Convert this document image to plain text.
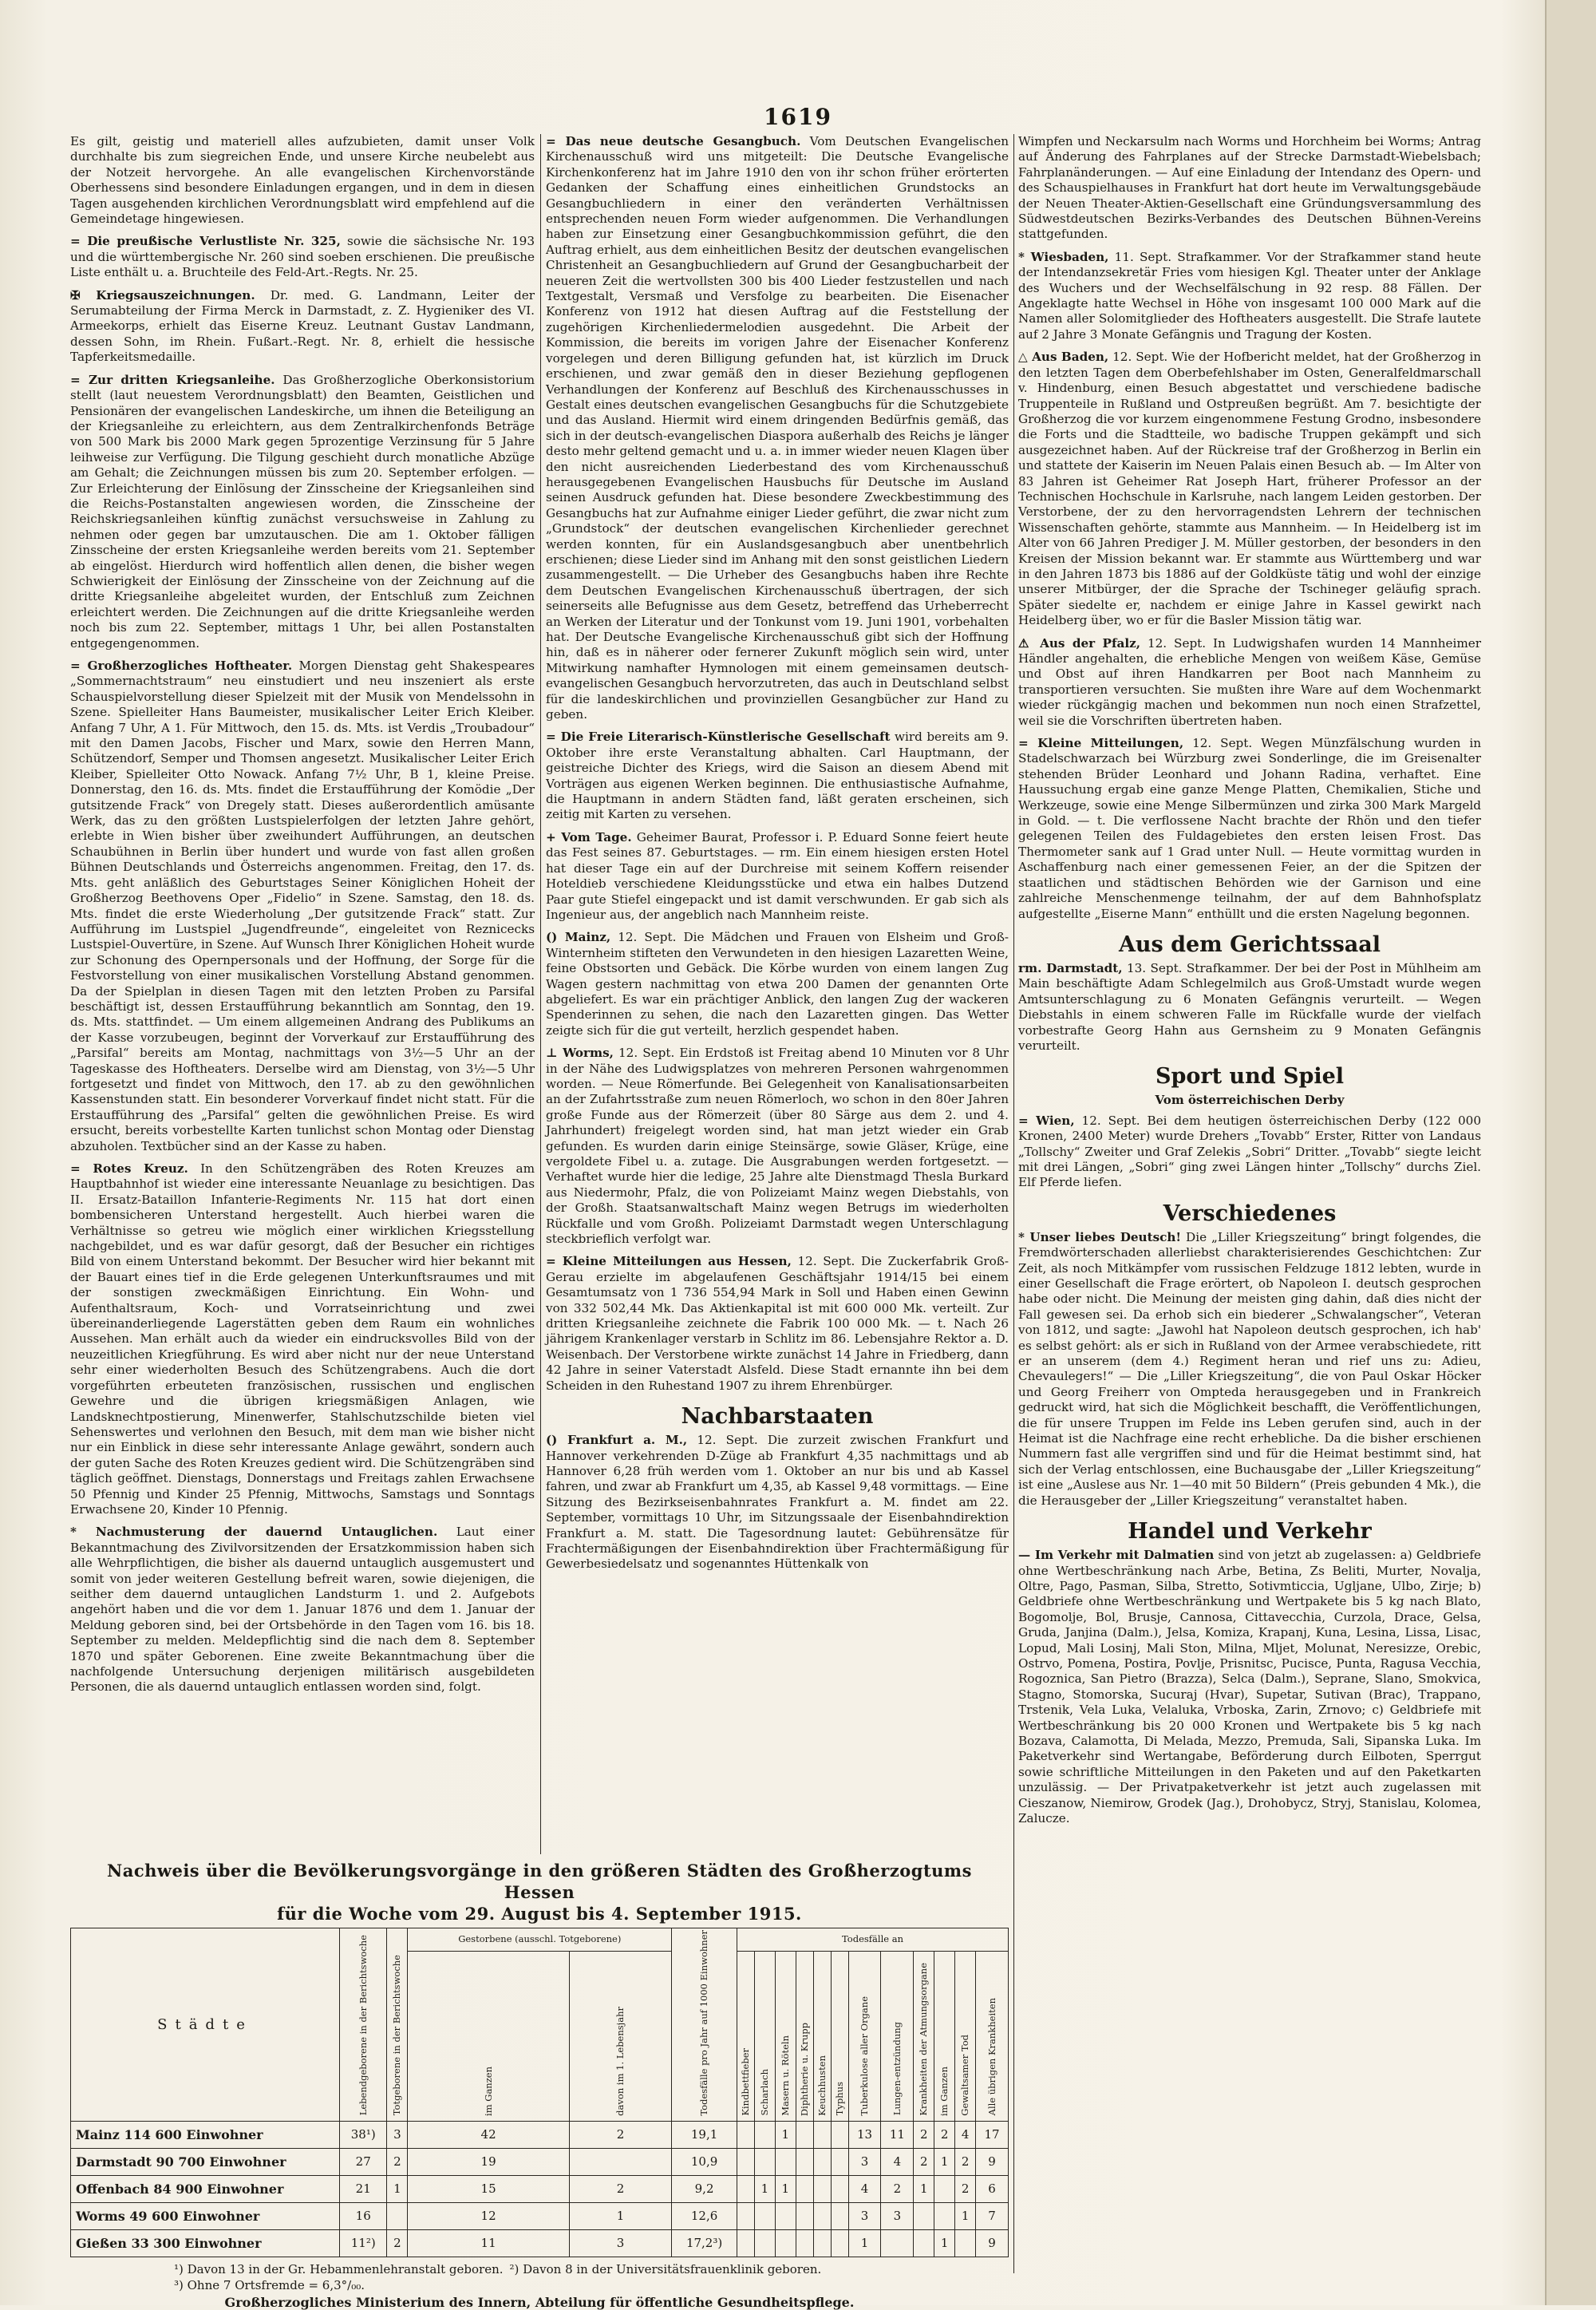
1619

Es gilt, geistig und materiell alles aufzubieten, damit unser Volk durchhalte bis zum siegreichen Ende, und unsere Kirche neubelebt aus der Notzeit hervorgehe. An alle evangelischen Kirchenvorstände Oberhessens sind besondere Einladungen ergangen, und in dem in diesen Tagen ausgehenden kirchlichen Verordnungsblatt wird empfehlend auf die Gemeindetage hingewiesen.

= Die preußische Verlustliste Nr. 325, sowie die sächsische Nr. 193 und die württembergische Nr. 260 sind soeben erschienen. Die preußische Liste enthält u. a. Bruchteile des Feld-Art.-Regts. Nr. 25.

✠ Kriegsauszeichnungen. Dr. med. G. Landmann, Leiter der Serumabteilung der Firma Merck in Darmstadt, z. Z. Hygieniker des VI. Armeekorps, erhielt das Eiserne Kreuz. Leutnant Gustav Landmann, dessen Sohn, im Rhein. Fußart.-Regt. Nr. 8, erhielt die hessische Tapferkeitsmedaille.

= Zur dritten Kriegsanleihe. Das Großherzogliche Oberkonsistorium stellt (laut neuestem Verordnungsblatt) den Beamten, Geistlichen und Pensionären der evangelischen Landeskirche, um ihnen die Beteiligung an der Kriegsanleihe zu erleichtern, aus dem Zentralkirchenfonds Beträge von 500 Mark bis 2000 Mark gegen 5prozentige Verzinsung für 5 Jahre leihweise zur Verfügung. Die Tilgung geschieht durch monatliche Abzüge am Gehalt; die Zeichnungen müssen bis zum 20. September erfolgen. — Zur Erleichterung der Einlösung der Zinsscheine der Kriegsanleihen sind die Reichs-Postanstalten angewiesen worden, die Zinsscheine der Reichskriegsanleihen künftig zunächst versuchsweise in Zahlung zu nehmen oder gegen bar umzutauschen. Die am 1. Oktober fälligen Zinsscheine der ersten Kriegsanleihe werden bereits vom 21. September ab eingelöst. Hierdurch wird hoffentlich allen denen, die bisher wegen Schwierigkeit der Einlösung der Zinsscheine von der Zeichnung auf die dritte Kriegsanleihe abgeleitet wurden, der Entschluß zum Zeichnen erleichtert werden. Die Zeichnungen auf die dritte Kriegsanleihe werden noch bis zum 22. September, mittags 1 Uhr, bei allen Postanstalten entgegengenommen.

= Großherzogliches Hoftheater. Morgen Dienstag geht Shakespeares „Sommernachtstraum“ neu einstudiert und neu inszeniert als erste Schauspielvorstellung dieser Spielzeit mit der Musik von Mendelssohn in Szene. Spielleiter Hans Baumeister, musikalischer Leiter Erich Kleiber. Anfang 7 Uhr, A 1. Für Mittwoch, den 15. ds. Mts. ist Verdis „Troubadour“ mit den Damen Jacobs, Fischer und Marx, sowie den Herren Mann, Schützendorf, Semper und Thomsen angesetzt. Musikalischer Leiter Erich Kleiber, Spielleiter Otto Nowack. Anfang 7½ Uhr, B 1, kleine Preise. Donnerstag, den 16. ds. Mts. findet die Erstaufführung der Komödie „Der gutsitzende Frack“ von Dregely statt. Dieses außerordentlich amüsante Werk, das zu den größten Lustspielerfolgen der letzten Jahre gehört, erlebte in Wien bisher über zweihundert Aufführungen, an deutschen Schaubühnen in Berlin über hundert und wurde von fast allen großen Bühnen Deutschlands und Österreichs angenommen. Freitag, den 17. ds. Mts. geht anläßlich des Geburtstages Seiner Königlichen Hoheit der Großherzog Beethovens Oper „Fidelio“ in Szene. Samstag, den 18. ds. Mts. findet die erste Wiederholung „Der gutsitzende Frack“ statt. Zur Aufführung im Lustspiel „Jugendfreunde“, eingeleitet von Reznicecks Lustspiel-Ouvertüre, in Szene. Auf Wunsch Ihrer Königlichen Hoheit wurde zur Schonung des Opernpersonals und der Hoffnung, der Sorge für die Festvorstellung von einer musikalischen Vorstellung Abstand genommen. Da der Spielplan in diesen Tagen mit den letzten Proben zu Parsifal beschäftigt ist, dessen Erstaufführung bekanntlich am Sonntag, den 19. ds. Mts. stattfindet. — Um einem allgemeinen Andrang des Publikums an der Kasse vorzubeugen, beginnt der Vorverkauf zur Erstaufführung des „Parsifal“ bereits am Montag, nachmittags von 3½—5 Uhr an der Tageskasse des Hoftheaters. Derselbe wird am Dienstag, von 3½—5 Uhr fortgesetzt und findet von Mittwoch, den 17. ab zu den gewöhnlichen Kassenstunden statt. Ein besonderer Vorverkauf findet nicht statt. Für die Erstaufführung des „Parsifal“ gelten die gewöhnlichen Preise. Es wird ersucht, bereits vorbestellte Karten tunlichst schon Montag oder Dienstag abzuholen. Textbücher sind an der Kasse zu haben.

= Rotes Kreuz. In den Schützengräben des Roten Kreuzes am Hauptbahnhof ist wieder eine interessante Neuanlage zu besichtigen. Das II. Ersatz-Bataillon Infanterie-Regiments Nr. 115 hat dort einen bombensicheren Unterstand hergestellt. Auch hierbei waren die Verhältnisse so getreu wie möglich einer wirklichen Kriegsstellung nachgebildet, und es war dafür gesorgt, daß der Besucher ein richtiges Bild von einem Unterstand bekommt. Der Besucher wird hier bekannt mit der Bauart eines tief in die Erde gelegenen Unterkunftsraumes und mit der sonstigen zweckmäßigen Einrichtung. Ein Wohn- und Aufenthaltsraum, Koch- und Vorratseinrichtung und zwei übereinanderliegende Lagerstätten geben dem Raum ein wohnliches Aussehen. Man erhält auch da wieder ein eindrucksvolles Bild von der neuzeitlichen Kriegführung. Es wird aber nicht nur der neue Unterstand sehr einer wiederholten Besuch des Schützengrabens. Auch die dort vorgeführten erbeuteten französischen, russischen und englischen Gewehre und die übrigen kriegsmäßigen Anlagen, wie Landsknechtpostierung, Minenwerfer, Stahlschutzschilde bieten viel Sehenswertes und verlohnen den Besuch, mit dem man wie bisher nicht nur ein Einblick in diese sehr interessante Anlage gewährt, sondern auch der guten Sache des Roten Kreuzes gedient wird. Die Schützengräben sind täglich geöffnet. Dienstags, Donnerstags und Freitags zahlen Erwachsene 50 Pfennig und Kinder 25 Pfennig, Mittwochs, Samstags und Sonntags Erwachsene 20, Kinder 10 Pfennig.

* Nachmusterung der dauernd Untauglichen. Laut einer Bekanntmachung des Zivilvorsitzenden der Ersatzkommission haben sich alle Wehrpflichtigen, die bisher als dauernd untauglich ausgemustert und somit von jeder weiteren Gestellung befreit waren, sowie diejenigen, die seither dem dauernd untauglichen Landsturm 1. und 2. Aufgebots angehört haben und die vor dem 1. Januar 1876 und dem 1. Januar der Meldung geboren sind, bei der Ortsbehörde in den Tagen vom 16. bis 18. September zu melden. Meldepflichtig sind die nach dem 8. September 1870 und später Geborenen. Eine zweite Bekanntmachung über die nachfolgende Untersuchung derjenigen militärisch ausgebildeten Personen, die als dauernd untauglich entlassen worden sind, folgt.

= Das neue deutsche Gesangbuch. Vom Deutschen Evangelischen Kirchenausschuß wird uns mitgeteilt: Die Deutsche Evangelische Kirchenkonferenz hat im Jahre 1910 den von ihr schon früher erörterten Gedanken der Schaffung eines einheitlichen Grundstocks an Gesangbuchliedern in einer den veränderten Verhältnissen entsprechenden neuen Form wieder aufgenommen. Die Verhandlungen haben zur Einsetzung einer Gesangbuchkommission geführt, die den Auftrag erhielt, aus dem einheitlichen Besitz der deutschen evangelischen Christenheit an Gesangbuchliedern auf Grund der Gesangbucharbeit der neueren Zeit die wertvollsten 300 bis 400 Lieder festzustellen und nach Textgestalt, Versmaß und Versfolge zu bearbeiten. Die Eisenacher Konferenz von 1912 hat diesen Auftrag auf die Feststellung der zugehörigen Kirchenliedermelodien ausgedehnt. Die Arbeit der Kommission, die bereits im vorigen Jahre der Eisenacher Konferenz vorgelegen und deren Billigung gefunden hat, ist kürzlich im Druck erschienen, und zwar gemäß den in dieser Beziehung gepflogenen Verhandlungen der Konferenz auf Beschluß des Kirchenausschusses in Gestalt eines deutschen evangelischen Gesangbuchs für die Schutzgebiete und das Ausland. Hiermit wird einem dringenden Bedürfnis gemäß, das sich in der deutsch-evangelischen Diaspora außerhalb des Reichs je länger desto mehr geltend gemacht und u. a. in immer wieder neuen Klagen über den nicht ausreichenden Liederbestand des vom Kirchenausschuß herausgegebenen Evangelischen Hausbuchs für Deutsche im Ausland seinen Ausdruck gefunden hat. Diese besondere Zweckbestimmung des Gesangbuchs hat zur Aufnahme einiger Lieder geführt, die zwar nicht zum „Grundstock“ der deutschen evangelischen Kirchenlieder gerechnet werden konnten, für ein Auslandsgesangbuch aber unentbehrlich erschienen; diese Lieder sind im Anhang mit den sonst geistlichen Liedern zusammengestellt. — Die Urheber des Gesangbuchs haben ihre Rechte dem Deutschen Evangelischen Kirchenausschuß übertragen, der sich seinerseits alle Befugnisse aus dem Gesetz, betreffend das Urheberrecht an Werken der Literatur und der Tonkunst vom 19. Juni 1901, vorbehalten hat. Der Deutsche Evangelische Kirchenausschuß gibt sich der Hoffnung hin, daß es in näherer oder fernerer Zukunft möglich sein wird, unter Mitwirkung namhafter Hymnologen mit einem gemeinsamen deutsch-evangelischen Gesangbuch hervorzutreten, das auch in Deutschland selbst für die landeskirchlichen und provinziellen Gesangbücher zur Hand zu geben.

= Die Freie Literarisch-Künstlerische Gesellschaft wird bereits am 9. Oktober ihre erste Veranstaltung abhalten. Carl Hauptmann, der geistreiche Dichter des Kriegs, wird die Saison an diesem Abend mit Vorträgen aus eigenen Werken beginnen. Die enthusiastische Aufnahme, die Hauptmann in andern Städten fand, läßt geraten erscheinen, sich zeitig mit Karten zu versehen.

+ Vom Tage. Geheimer Baurat, Professor i. P. Eduard Sonne feiert heute das Fest seines 87. Geburtstages. — rm. Ein einem hiesigen ersten Hotel hat dieser Tage ein auf der Durchreise mit seinem Koffern reisender Hoteldieb verschiedene Kleidungsstücke und etwa ein halbes Dutzend Paar gute Stiefel eingepackt und ist damit verschwunden. Er gab sich als Ingenieur aus, der angeblich nach Mannheim reiste.

() Mainz, 12. Sept. Die Mädchen und Frauen von Elsheim und Groß-Winternheim stifteten den Verwundeten in den hiesigen Lazaretten Weine, feine Obstsorten und Gebäck. Die Körbe wurden von einem langen Zug Wagen gestern nachmittag von etwa 200 Damen der genannten Orte abgeliefert. Es war ein prächtiger Anblick, den langen Zug der wackeren Spenderinnen zu sehen, die nach den Lazaretten gingen. Das Wetter zeigte sich für die gut verteilt, herzlich gespendet haben.

⊥ Worms, 12. Sept. Ein Erdstoß ist Freitag abend 10 Minuten vor 8 Uhr in der Nähe des Ludwigsplatzes von mehreren Personen wahrgenommen worden. — Neue Römerfunde. Bei Gelegenheit von Kanalisationsarbeiten an der Zufahrtsstraße zum neuen Römerloch, wo schon in den 80er Jahren große Funde aus der Römerzeit (über 80 Särge aus dem 2. und 4. Jahrhundert) freigelegt worden sind, hat man jetzt wieder ein Grab gefunden. Es wurden darin einige Steinsärge, sowie Gläser, Krüge, eine vergoldete Fibel u. a. zutage. Die Ausgrabungen werden fortgesetzt. — Verhaftet wurde hier die ledige, 25 Jahre alte Dienstmagd Thesla Burkard aus Niedermohr, Pfalz, die von Polizeiamt Mainz wegen Diebstahls, von der Großh. Staatsanwaltschaft Mainz wegen Betrugs im wiederholten Rückfalle und vom Großh. Polizeiamt Darmstadt wegen Unterschlagung steckbrieflich verfolgt war.

= Kleine Mitteilungen aus Hessen, 12. Sept. Die Zuckerfabrik Groß-Gerau erzielte im abgelaufenen Geschäftsjahr 1914/15 bei einem Gesamtumsatz von 1 736 554,94 Mark in Soll und Haben einen Gewinn von 332 502,44 Mk. Das Aktienkapital ist mit 600 000 Mk. verteilt. Zur dritten Kriegsanleihe zeichnete die Fabrik 100 000 Mk. — t. Nach 26 jährigem Krankenlager verstarb in Schlitz im 86. Lebensjahre Rektor a. D. Weisenbach. Der Verstorbene wirkte zunächst 14 Jahre in Friedberg, dann 42 Jahre in seiner Vaterstadt Alsfeld. Diese Stadt ernannte ihn bei dem Scheiden in den Ruhestand 1907 zu ihrem Ehrenbürger.

Nachbarstaaten

() Frankfurt a. M., 12. Sept. Die zurzeit zwischen Frankfurt und Hannover verkehrenden D-Züge ab Frankfurt 4,35 nachmittags und ab Hannover 6,28 früh werden vom 1. Oktober an nur bis und ab Kassel fahren, und zwar ab Frankfurt um 4,35, ab Kassel 9,48 vormittags. — Eine Sitzung des Bezirkseisenbahnrates Frankfurt a. M. findet am 22. September, vormittags 10 Uhr, im Sitzungssaale der Eisenbahndirektion Frankfurt a. M. statt. Die Tagesordnung lautet: Gebührensätze für Frachtermäßigungen der Eisenbahndirektion über Frachtermäßigung für Gewerbesiedelsatz und sogenanntes Hüttenkalk von

Wimpfen und Neckarsulm nach Worms und Horchheim bei Worms; Antrag auf Änderung des Fahrplanes auf der Strecke Darmstadt-Wiebelsbach; Fahrplanänderungen. — Auf eine Einladung der Intendanz des Opern- und des Schauspielhauses in Frankfurt hat dort heute im Verwaltungsgebäude der Neuen Theater-Aktien-Gesellschaft eine Gründungsversammlung des Südwestdeutschen Bezirks-Verbandes des Deutschen Bühnen-Vereins stattgefunden.

* Wiesbaden, 11. Sept. Strafkammer. Vor der Strafkammer stand heute der Intendanzsekretär Fries vom hiesigen Kgl. Theater unter der Anklage des Wuchers und der Wechselfälschung in 92 resp. 88 Fällen. Der Angeklagte hatte Wechsel in Höhe von insgesamt 100 000 Mark auf die Namen aller Solomitglieder des Hoftheaters ausgestellt. Die Strafe lautete auf 2 Jahre 3 Monate Gefängnis und Tragung der Kosten.

△ Aus Baden, 12. Sept. Wie der Hofbericht meldet, hat der Großherzog in den letzten Tagen dem Oberbefehlshaber im Osten, Generalfeldmarschall v. Hindenburg, einen Besuch abgestattet und verschiedene badische Truppenteile in Rußland und Ostpreußen begrüßt. Am 7. besichtigte der Großherzog die vor kurzem eingenommene Festung Grodno, insbesondere die Forts und die Stadtteile, wo badische Truppen gekämpft und sich ausgezeichnet haben. Auf der Rückreise traf der Großherzog in Berlin ein und stattete der Kaiserin im Neuen Palais einen Besuch ab. — Im Alter von 83 Jahren ist Geheimer Rat Joseph Hart, früherer Professor an der Technischen Hochschule in Karlsruhe, nach langem Leiden gestorben. Der Verstorbene, der zu den hervorragendsten Lehrern der technischen Wissenschaften gehörte, stammte aus Mannheim. — In Heidelberg ist im Alter von 66 Jahren Prediger J. M. Müller gestorben, der besonders in den Kreisen der Mission bekannt war. Er stammte aus Württemberg und war in den Jahren 1873 bis 1886 auf der Goldküste tätig und wohl der einzige unserer Mitbürger, der die Sprache der Tschineger geläufig sprach. Später siedelte er, nachdem er einige Jahre in Kassel gewirkt nach Heidelberg über, wo er für die Basler Mission tätig war.

⚠ Aus der Pfalz, 12. Sept. In Ludwigshafen wurden 14 Mannheimer Händler angehalten, die erhebliche Mengen von weißem Käse, Gemüse und Obst auf ihren Handkarren per Boot nach Mannheim zu transportieren versuchten. Sie mußten ihre Ware auf dem Wochenmarkt wieder rückgängig machen und bekommen nun noch einen Strafzettel, weil sie die Vorschriften übertreten haben.

= Kleine Mitteilungen, 12. Sept. Wegen Münzfälschung wurden in Stadelschwarzach bei Würzburg zwei Sonderlinge, die im Greisenalter stehenden Brüder Leonhard und Johann Radina, verhaftet. Eine Haussuchung ergab eine ganze Menge Platten, Chemikalien, Stiche und Werkzeuge, sowie eine Menge Silbermünzen und zirka 300 Mark Margeld in Gold. — t. Die verflossene Nacht brachte der Rhön und den tiefer gelegenen Teilen des Fuldagebietes den ersten leisen Frost. Das Thermometer sank auf 1 Grad unter Null. — Heute vormittag wurden in Aschaffenburg nach einer gemessenen Feier, an der die Spitzen der staatlichen und städtischen Behörden wie der Garnison und eine zahlreiche Menschenmenge teilnahm, der auf dem Bahnhofsplatz aufgestellte „Eiserne Mann“ enthüllt und die ersten Nagelung begonnen.

Aus dem Gerichtssaal

rm. Darmstadt, 13. Sept. Strafkammer. Der bei der Post in Mühlheim am Main beschäftigte Adam Schlegelmilch aus Groß-Umstadt wurde wegen Amtsunterschlagung zu 6 Monaten Gefängnis verurteilt. — Wegen Diebstahls in einem schweren Falle im Rückfalle wurde der vielfach vorbestrafte Georg Hahn aus Gernsheim zu 9 Monaten Gefängnis verurteilt.

Sport und Spiel
Vom österreichischen Derby

= Wien, 12. Sept. Bei dem heutigen österreichischen Derby (122 000 Kronen, 2400 Meter) wurde Drehers „Tovabb“ Erster, Ritter von Landaus „Tollschy“ Zweiter und Graf Zelekis „Sobri“ Dritter. „Tovabb“ siegte leicht mit drei Längen, „Sobri“ ging zwei Längen hinter „Tollschy“ durchs Ziel. Elf Pferde liefen.

Verschiedenes

* Unser liebes Deutsch! Die „Liller Kriegszeitung“ bringt folgendes, die Fremdwörterschaden allerliebst charakterisierendes Geschichtchen: Zur Zeit, als noch Mitkämpfer vom russischen Feldzuge 1812 lebten, wurde in einer Gesellschaft die Frage erörtert, ob Napoleon I. deutsch gesprochen habe oder nicht. Die Meinung der meisten ging dahin, daß dies nicht der Fall gewesen sei. Da erhob sich ein biederer „Schwalangscher“, Veteran von 1812, und sagte: „Jawohl hat Napoleon deutsch gesprochen, ich hab' es selbst gehört: als er sich in Rußland von der Armee verabschiedete, ritt er an unserem (dem 4.) Regiment heran und rief uns zu: Adieu, Chevaulegers!“ — Die „Liller Kriegszeitung“, die von Paul Oskar Höcker und Georg Freiherr von Ompteda herausgegeben und in Frankreich gedruckt wird, hat sich die Möglichkeit beschafft, die Veröffentlichungen, die für unsere Truppen im Felde ins Leben gerufen sind, auch in der Heimat ist die Nachfrage eine recht erhebliche. Da die bisher erschienen Nummern fast alle vergriffen sind und für die Heimat bestimmt sind, hat sich der Verlag entschlossen, eine Buchausgabe der „Liller Kriegszeitung“ ist eine „Auslese aus Nr. 1—40 mit 50 Bildern“ (Preis gebunden 4 Mk.), die die Herausgeber der „Liller Kriegszeitung“ veranstaltet haben.

Handel und Verkehr

— Im Verkehr mit Dalmatien sind von jetzt ab zugelassen: a) Geldbriefe ohne Wertbeschränkung nach Arbe, Betina, Zs Beliti, Murter, Novalja, Oltre, Pago, Pasman, Silba, Stretto, Sotivmticcia, Ugljane, Ulbo, Zirje; b) Geldbriefe ohne Wertbeschränkung und Wertpakete bis 5 kg nach Blato, Bogomolje, Bol, Brusje, Cannosa, Cittavecchia, Curzola, Drace, Gelsa, Gruda, Janjina (Dalm.), Jelsa, Komiza, Krapanj, Kuna, Lesina, Lissa, Lisac, Lopud, Mali Losinj, Mali Ston, Milna, Mljet, Molunat, Neresizze, Orebic, Ostrvo, Pomena, Postira, Povlje, Prisnitsc, Pucisce, Punta, Ragusa Vecchia, Rogoznica, San Pietro (Brazza), Selca (Dalm.), Seprane, Slano, Smokvica, Stagno, Stomorska, Sucuraj (Hvar), Supetar, Sutivan (Brac), Trappano, Trstenik, Vela Luka, Velaluka, Vrboska, Zarin, Zrnovo; c) Geldbriefe mit Wertbeschränkung bis 20 000 Kronen und Wertpakete bis 5 kg nach Bozava, Calamotta, Di Melada, Mezzo, Premuda, Sali, Sipanska Luka. Im Paketverkehr sind Wertangabe, Beförderung durch Eilboten, Sperrgut sowie schriftliche Mitteilungen in den Paketen und auf den Paketkarten unzulässig. — Der Privatpaketverkehr ist jetzt auch zugelassen mit Cieszanow, Niemirow, Grodek (Jag.), Drohobycz, Stryj, Stanislau, Kolomea, Zalucze.

Nachweis über die Bevölkerungsvorgänge in den größeren Städten des Großherzogtums Hessen
für die Woche vom 29. August bis 4. September 1915.
Städte	Lebendgeborene in der Berichtswoche	Totgeborene in der Berichtswoche	Gestorbene (ausschl. Totgeborene)		Todesfälle pro Jahr auf 1000 Einwohner	Todesfälle an											
			im Ganzen	davon im 1. Lebensjahr		Kindbettfieber	Scharlach	Masern u. Röteln	Diphtherie u. Krupp	Keuchhusten	Typhus	Tuberkulose aller Organe	Lungen-entzündung	Krankheiten der Atmungsorgane	im Ganzen	Gewaltsamer Tod	Alle übrigen Krankheiten
Mainz 114 600 Einwohner	38¹)	3	42	2	19,1			1				13	11	2	2	4	17
Darmstadt 90 700 Einwohner	27	2	19		10,9							3	4	2	1	2	9
Offenbach 84 900 Einwohner	21	1	15	2	9,2		1	1				4	2	1		2	6
Worms 49 600 Einwohner	16		12	1	12,6							3	3			1	7
Gießen 33 300 Einwohner	11²)	2	11	3	17,2³)							1			1		9
¹) Davon 13 in der Gr. Hebammenlehranstalt geboren. ²) Davon 8 in der Universitätsfrauenklinik geboren.
³) Ohne 7 Ortsfremde = 6,3°/₀₀.
Großherzogliches Ministerium des Innern, Abteilung für öffentliche Gesundheitspflege.
